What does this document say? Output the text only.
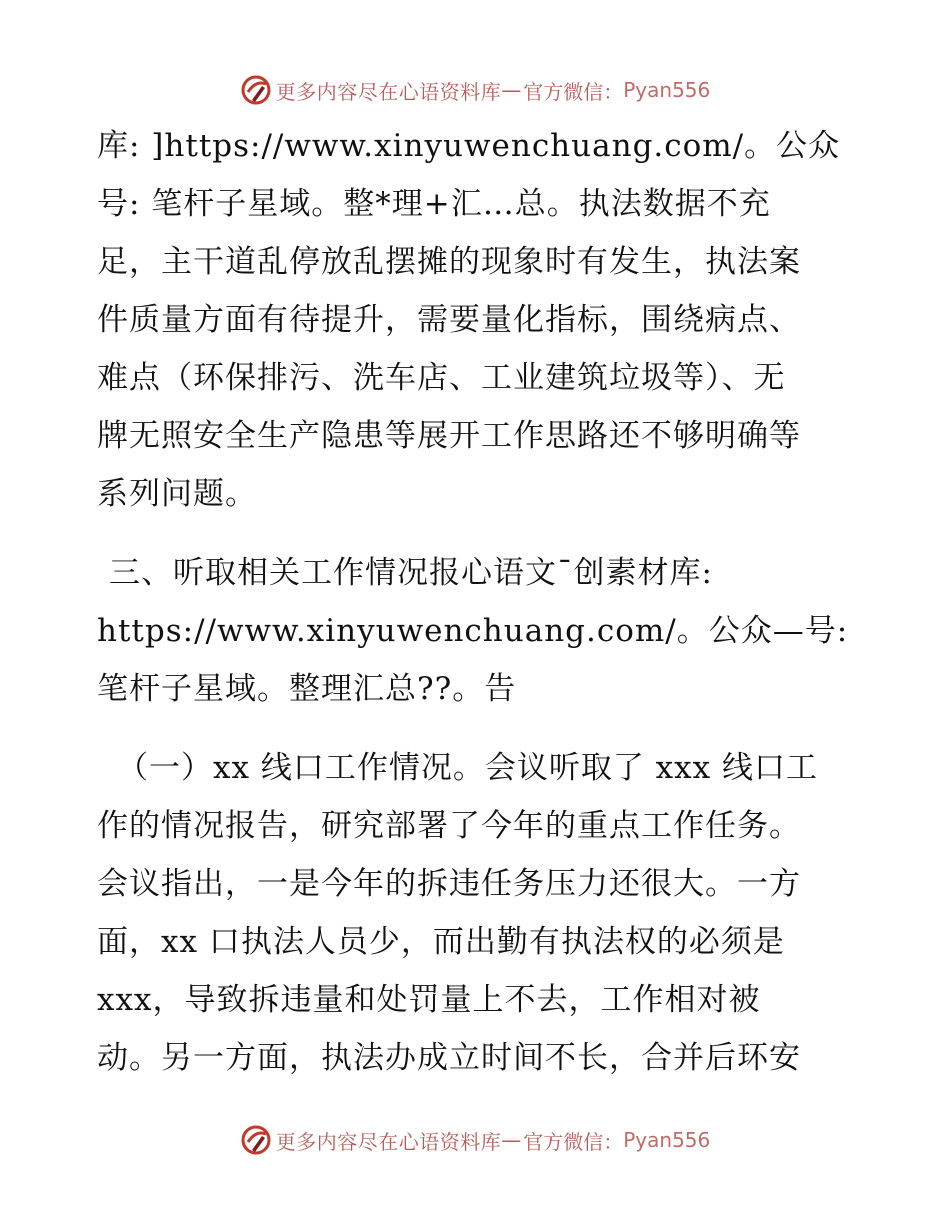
更多内容尽在心语资料库 — 官方微信： Pyan556
库: ]https://www.xinyuwenchuang.com/。公众
号: 笔杆子星域。整*理+汇…总。执法数据不充
足，主干道乱停放乱摆摊的现象时有发生，执法案
件质量方面有待提升，需要量化指标，围绕病点、
难点（环保排污、洗车店、工业建筑垃圾等）、无
牌无照安全生产隐患等展开工作思路还不够明确等
系列问题。
三、听取相关工作情况报心语文¯创素材库:
https://www.xinyuwenchuang.com/。公众—号:
笔杆子星域。整理汇总??。告
（一）xx 线口工作情况。会议听取了 xxx 线口工
作的情况报告，研究部署了今年的重点工作任务。
会议指出，一是今年的拆违任务压力还很大。一方
面，xx 口执法人员少，而出勤有执法权的必须是
xxx，导致拆违量和处罚量上不去，工作相对被
动。另一方面，执法办成立时间不长，合并后环安
更多内容尽在心语资料库 — 官方微信： Pyan556
